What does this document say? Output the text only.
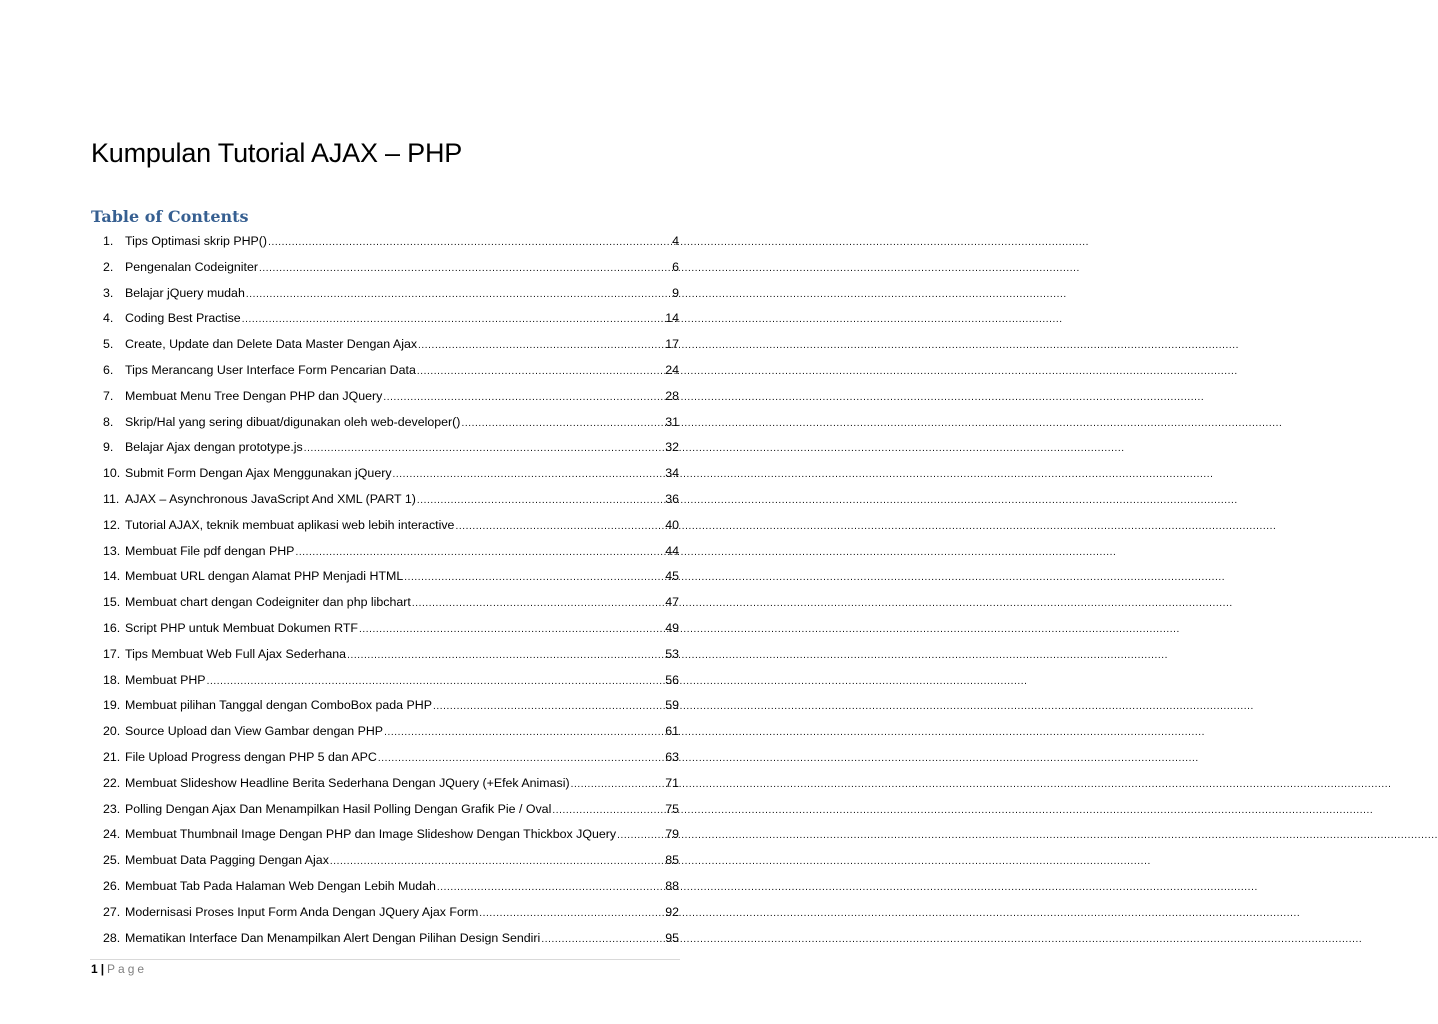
Kumpulan Tutorial AJAX – PHP
Table of Contents
1. Tips Optimasi skrip PHP() .....	4
2. Pengenalan Codeigniter .....	6
3. Belajar jQuery mudah .....	9
4. Coding Best Practise .....	14
5. Create, Update dan Delete Data Master Dengan Ajax .....	17
6. Tips Merancang User Interface Form Pencarian Data .....	24
7. Membuat Menu Tree Dengan PHP dan JQuery .....	28
8. Skrip/Hal yang sering dibuat/digunakan oleh web-developer() .....	31
9. Belajar Ajax dengan prototype.js .....	32
10. Submit Form Dengan Ajax Menggunakan jQuery .....	34
11. AJAX – Asynchronous JavaScript And XML (PART 1) .....	36
12. Tutorial AJAX, teknik membuat aplikasi web lebih interactive .....	40
13. Membuat File pdf dengan PHP .....	44
14. Membuat URL dengan Alamat PHP Menjadi HTML .....	45
15. Membuat chart dengan Codeigniter dan php libchart .....	47
16. Script PHP untuk Membuat Dokumen RTF .....	49
17. Tips Membuat Web Full Ajax Sederhana .....	53
18. Membuat PHP .....	56
19. Membuat pilihan Tanggal dengan ComboBox pada PHP .....	59
20. Source Upload dan View Gambar dengan PHP .....	61
21. File Upload Progress dengan PHP 5 dan APC .....	63
22. Membuat Slideshow Headline Berita Sederhana Dengan JQuery (+Efek Animasi) .....	71
23. Polling Dengan Ajax Dan Menampilkan Hasil Polling Dengan Grafik Pie / Oval .....	75
24. Membuat Thumbnail Image Dengan PHP dan Image Slideshow Dengan Thickbox JQuery .....	79
25. Membuat Data Pagging Dengan Ajax .....	85
26. Membuat Tab Pada Halaman Web Dengan Lebih Mudah .....	88
27. Modernisasi Proses Input Form Anda Dengan JQuery Ajax Form .....	92
28. Mematikan Interface Dan Menampilkan Alert Dengan Pilihan Design Sendiri .....	95
1 | Page
